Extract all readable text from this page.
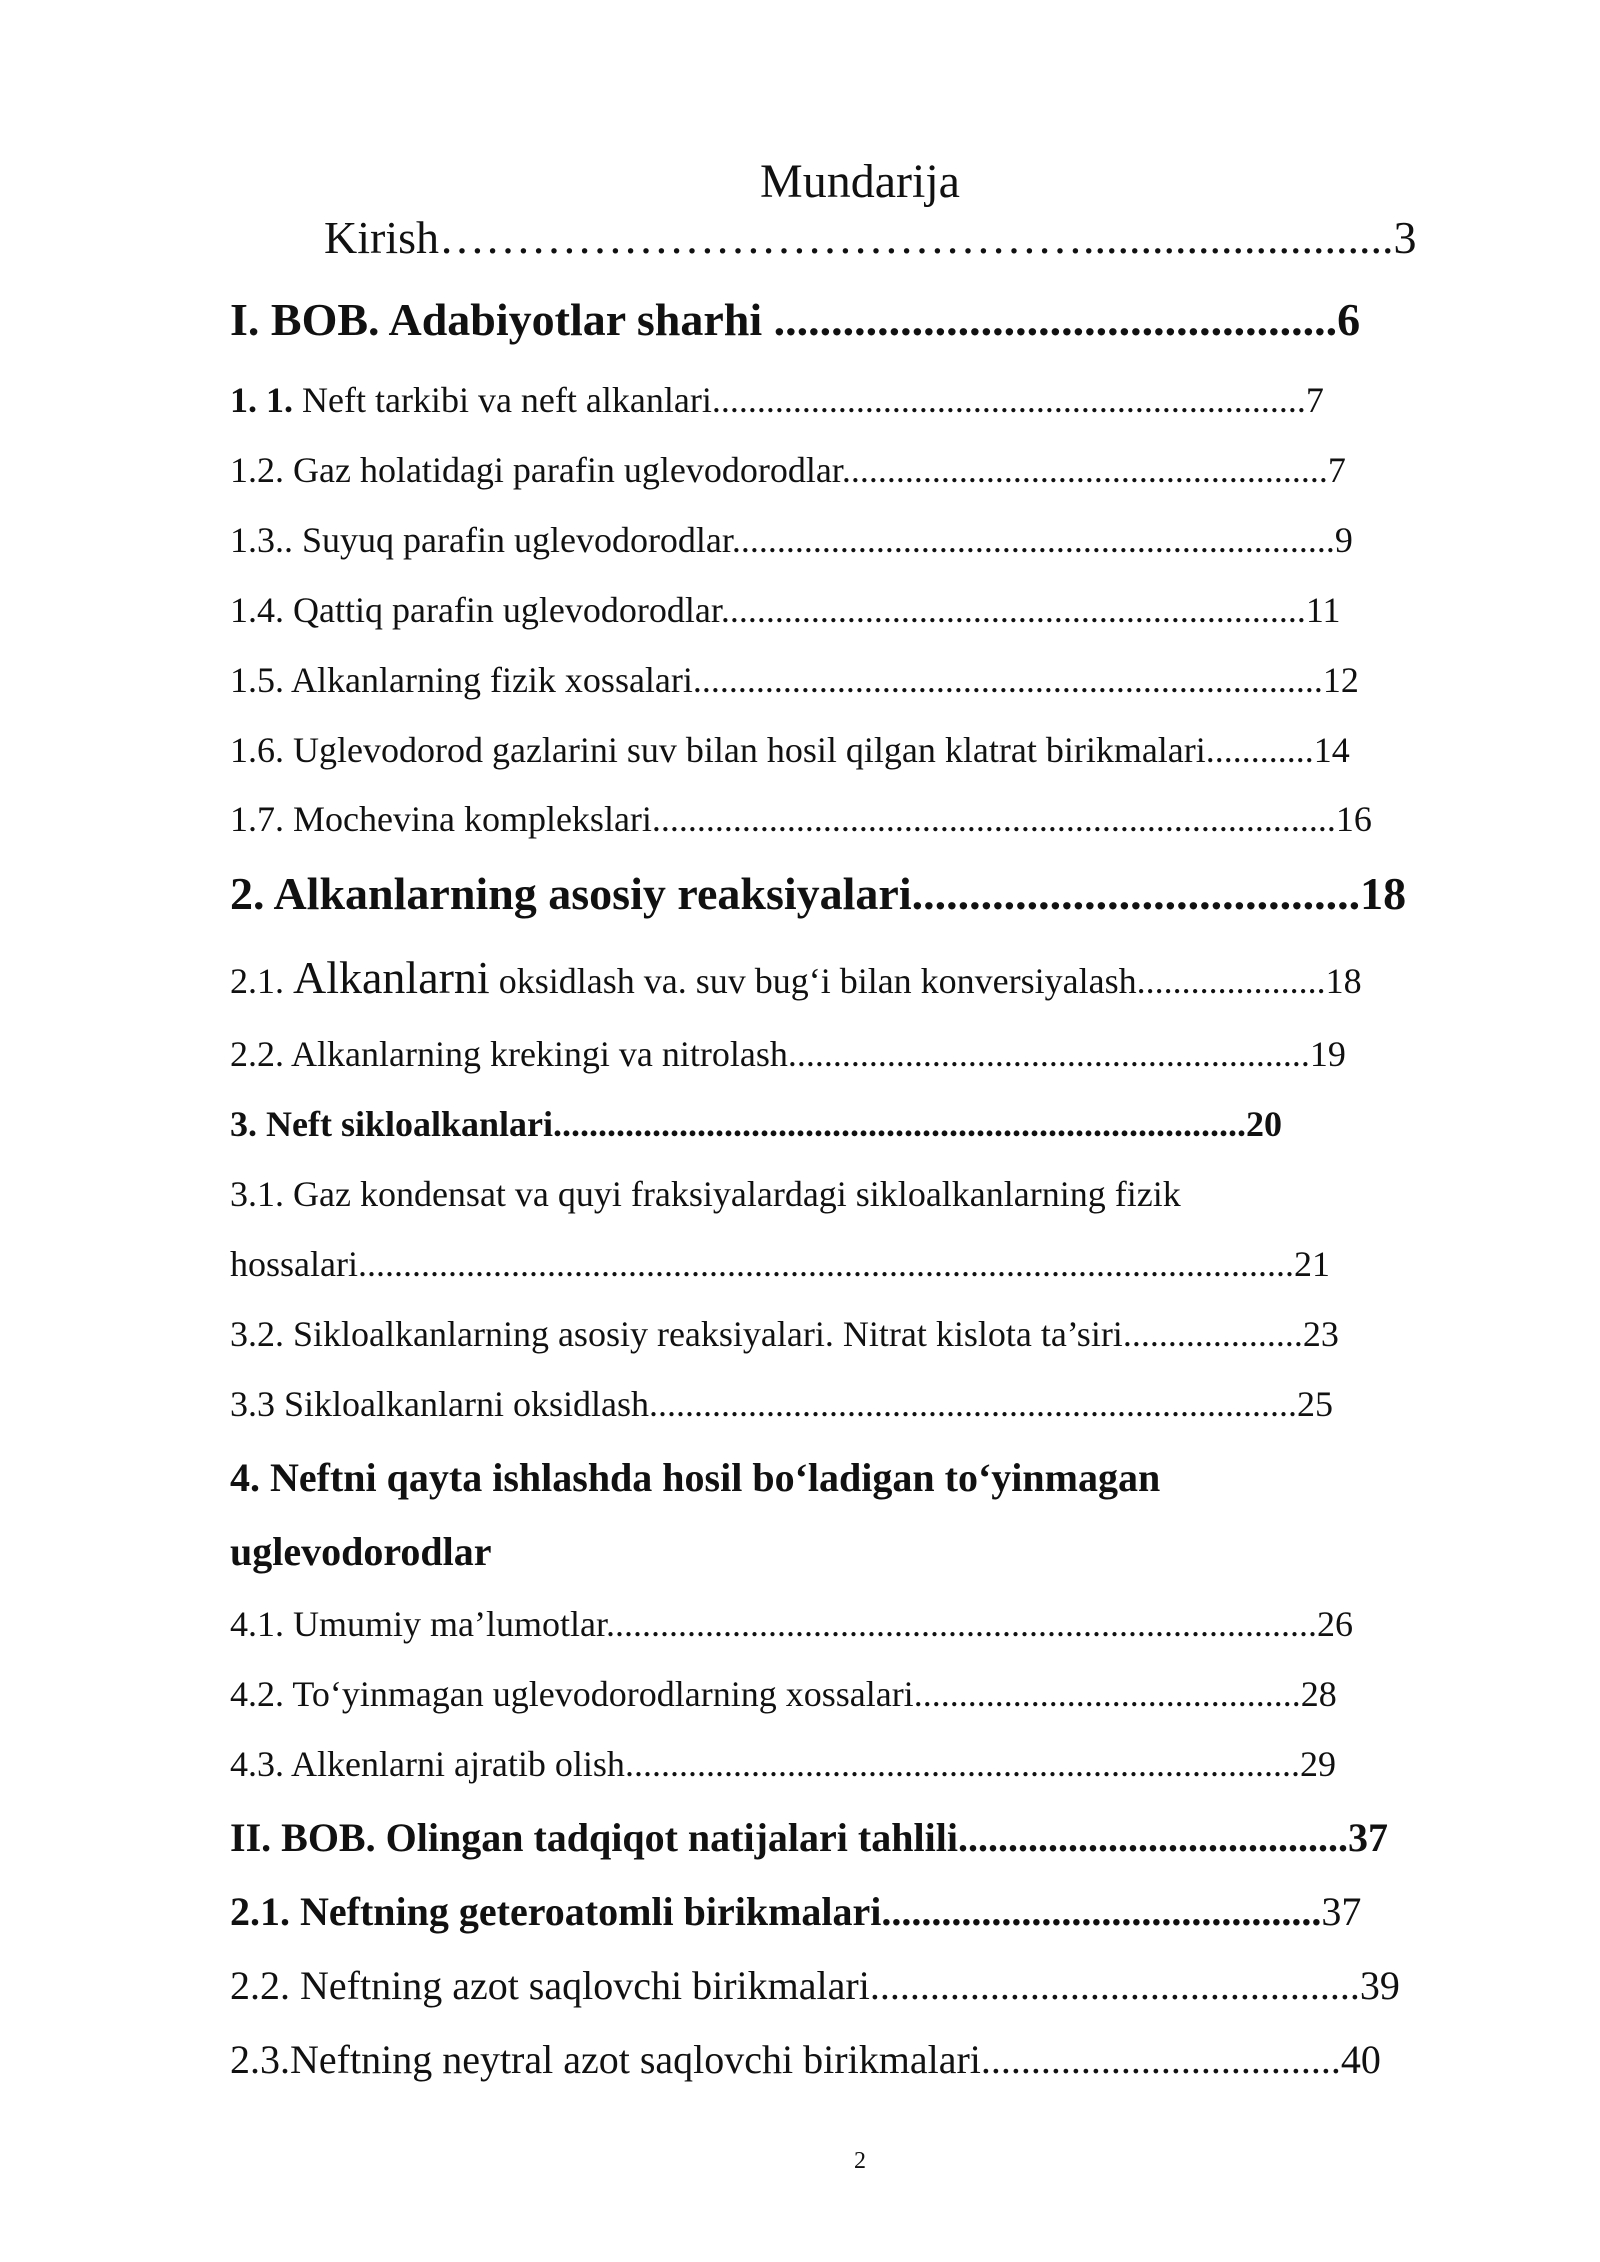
Mundarija
Kirish……………………………………...........................3
I. BOB. Adabiyotlar sharhi .................................................6
1. 1. Neft tarkibi va neft alkanlari..................................................................7
1.2. Gaz holatidagi parafin uglevodorodlar......................................................7
1.3.. Suyuq parafin uglevodorodlar...................................................................9
1.4. Qattiq parafin uglevodorodlar.................................................................11
1.5. Alkanlarning fizik xossalari......................................................................12
1.6. Uglevodorod gazlarini suv bilan hosil qilgan klatrat birikmalari............14
1.7. Mochevina komplekslari............................................................................16
2. Alkanlarning asosiy reaksiyalari.......................................18
2.1. Alkanlarni oksidlash va. suv bug‘i bilan konversiyalash.....................18
2.2. Alkanlarning krekingi va nitrolash..........................................................19
3. Neft sikloalkanlari.............................................................................20
3.1. Gaz kondensat va quyi fraksiyalardagi sikloalkanlarning fizik
hossalari........................................................................................................21
3.2. Sikloalkanlarning asosiy reaksiyalari. Nitrat kislota ta’siri....................23
3.3 Sikloalkanlarni oksidlash........................................................................25
4. Neftni qayta ishlashda hosil bo‘ladigan to‘yinmagan
uglevodorodlar
4.1. Umumiy ma’lumotlar...............................................................................26
4.2. To‘yinmagan uglevodorodlarning xossalari...........................................28
4.3. Alkenlarni ajratib olish...........................................................................29
II. BOB. Olingan tadqiqot natijalari tahlili.......................................37
2.1. Neftning geteroatomli birikmalari............................................37
2.2. Neftning azot saqlovchi birikmalari.................................................39
2.3.Neftning neytral azot saqlovchi birikmalari....................................40
2
